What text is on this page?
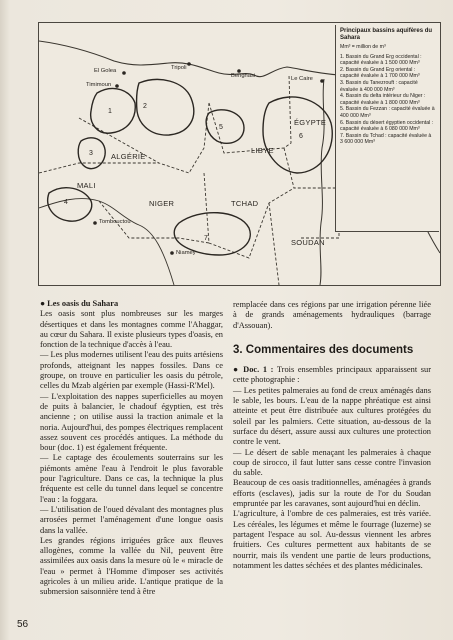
El Golea
Timimoun
Tripoli
Benghasi	Le Caire
Tombouctou
Niamey
ALGÉRIE
LIBYE
ÉGYPTE
MALI
NIGER	TCHAD
SOUDAN
1
2
3
4
5
6
7
Principaux bassins aquifères du Sahara
Mm³ = million de m³
1. Bassin du Grand Erg occidental : capacité évaluée à 1 500 000 Mm³
2. Bassin du Grand Erg oriental : capacité évaluée à 1 700 000 Mm³
3. Bassin du Tanezrouft : capacité évaluée à 400 000 Mm³
4. Bassin du delta intérieur du Niger : capacité évaluée à 1 800 000 Mm³
5. Bassin du Fezzan : capacité évaluée à 400 000 Mm³
6. Bassin du désert égyptien occidental : capacité évaluée à 6 080 000 Mm³
7. Bassin du Tchad : capacité évaluée à 3 600 000 Mm³

● Les oasis du Sahara

Les oasis sont plus nombreuses sur les marges désertiques et dans les montagnes comme l'Ahaggar, au cœur du Sahara. Il existe plusieurs types d'oasis, en fonction de la technique d'accès à l'eau.

— Les plus modernes utilisent l'eau des puits artésiens profonds, atteignant les nappes fossiles. Dans ce groupe, on trouve en particulier les oasis du pétrole, celles du Mzab algérien par exemple (Hassi-R'Mel).

— L'exploitation des nappes superficielles au moyen de puits à balancier, le chadouf égyptien, est très ancienne ; on utilise aussi la traction animale et la noria. Aujourd'hui, des pompes électriques remplacent assez souvent ces procédés antiques. La méthode du bour (doc. 1) est également fréquente.

— Le captage des écoulements souterrains sur les piémonts amène l'eau à l'endroit le plus favorable pour l'agriculture. Dans ce cas, la technique la plus fréquente est celle du tunnel dans lequel se concentre l'eau : la foggara.

— L'utilisation de l'oued dévalant des montagnes plus arrosées permet l'aménagement d'une longue oasis dans la vallée.

Les grandes régions irriguées grâce aux fleuves allogènes, comme la vallée du Nil, peuvent être assimilées aux oasis dans la mesure où le « miracle de l'eau » permet à l'Homme d'imposer ses activités agricoles à un milieu aride. L'antique pratique de la submersion saisonnière tend à être

remplacée dans ces régions par une irrigation pérenne liée à de grands aménagements hydrauliques (barrage d'Assouan).

3. Commentaires des documents

● Doc. 1 : Trois ensembles principaux apparaissent sur cette photographie :

— Les petites palmeraies au fond de creux aménagés dans le sable, les bours. L'eau de la nappe phréatique est ainsi atteinte et peut être distribuée aux cultures protégées du soleil par les palmiers. Cette situation, au-dessous de la surface du désert, assure aussi aux cultures une protection contre le vent.

— Le désert de sable menaçant les palmeraies à chaque coup de sirocco, il faut lutter sans cesse contre l'invasion du sable.

Beaucoup de ces oasis traditionnelles, aménagées à grands efforts (esclaves), jadis sur la route de l'or du Soudan empruntée par les caravanes, sont aujourd'hui en déclin.

L'agriculture, à l'ombre de ces palmeraies, est très variée. Les céréales, les légumes et même le fourrage (luzerne) se partagent l'espace au sol. Au-dessus viennent les arbres fruitiers. Ces cultures permettent aux habitants de se nourrir, mais ils vendent une partie de leurs productions, notamment les dattes séchées et des plantes médicinales.

56
